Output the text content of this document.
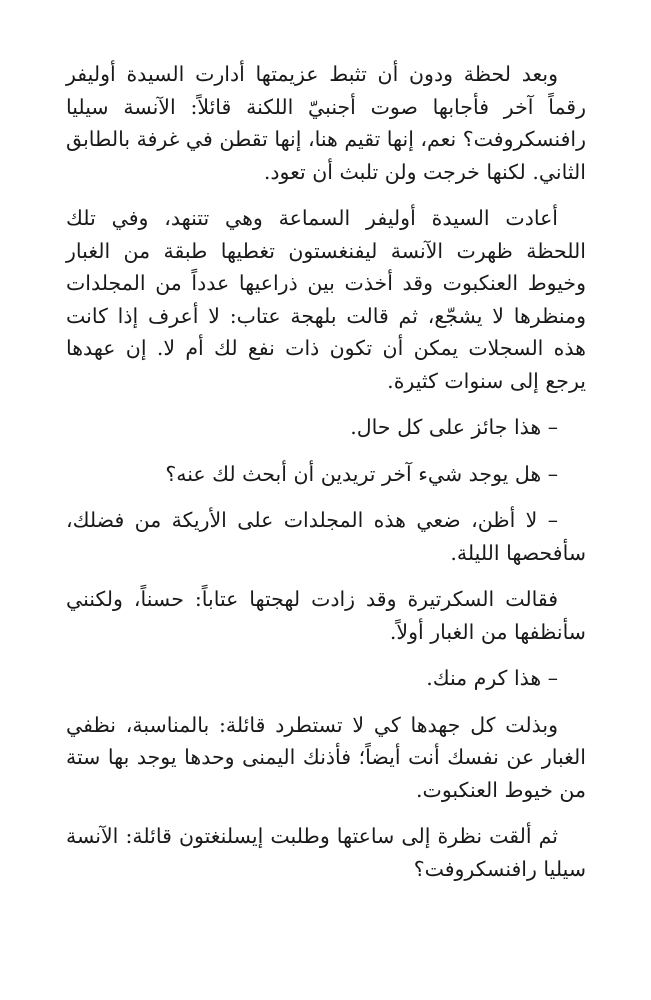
وبعد لحظة ودون أن تثبط عزيمتها أدارت السيدة أوليفر رقماً آخر فأجابها صوت أجنبيّ اللكنة قائلاً: الآنسة سيليا رافنسكروفت؟ نعم، إنها تقيم هنا، إنها تقطن في غرفة بالطابق الثاني. لكنها خرجت ولن تلبث أن تعود.

أعادت السيدة أوليفر السماعة وهي تتنهد، وفي تلك اللحظة ظهرت الآنسة ليفنغستون تغطيها طبقة من الغبار وخيوط العنكبوت وقد أخذت بين ذراعيها عدداً من المجلدات ومنظرها لا يشجّع، ثم قالت بلهجة عتاب: لا أعرف إذا كانت هذه السجلات يمكن أن تكون ذات نفع لك أم لا. إن عهدها يرجع إلى سنوات كثيرة.

– هذا جائز على كل حال.

– هل يوجد شيء آخر تريدين أن أبحث لك عنه؟

– لا أظن، ضعي هذه المجلدات على الأريكة من فضلك، سأفحصها الليلة.

فقالت السكرتيرة وقد زادت لهجتها عتاباً: حسناً، ولكنني سأنظفها من الغبار أولاً.

– هذا كرم منك.

وبذلت كل جهدها كي لا تستطرد قائلة: بالمناسبة، نظفي الغبار عن نفسك أنت أيضاً؛ فأذنك اليمنى وحدها يوجد بها ستة من خيوط العنكبوت.

ثم ألقت نظرة إلى ساعتها وطلبت إيسلنغتون قائلة: الآنسة سيليا رافنسكروفت؟
